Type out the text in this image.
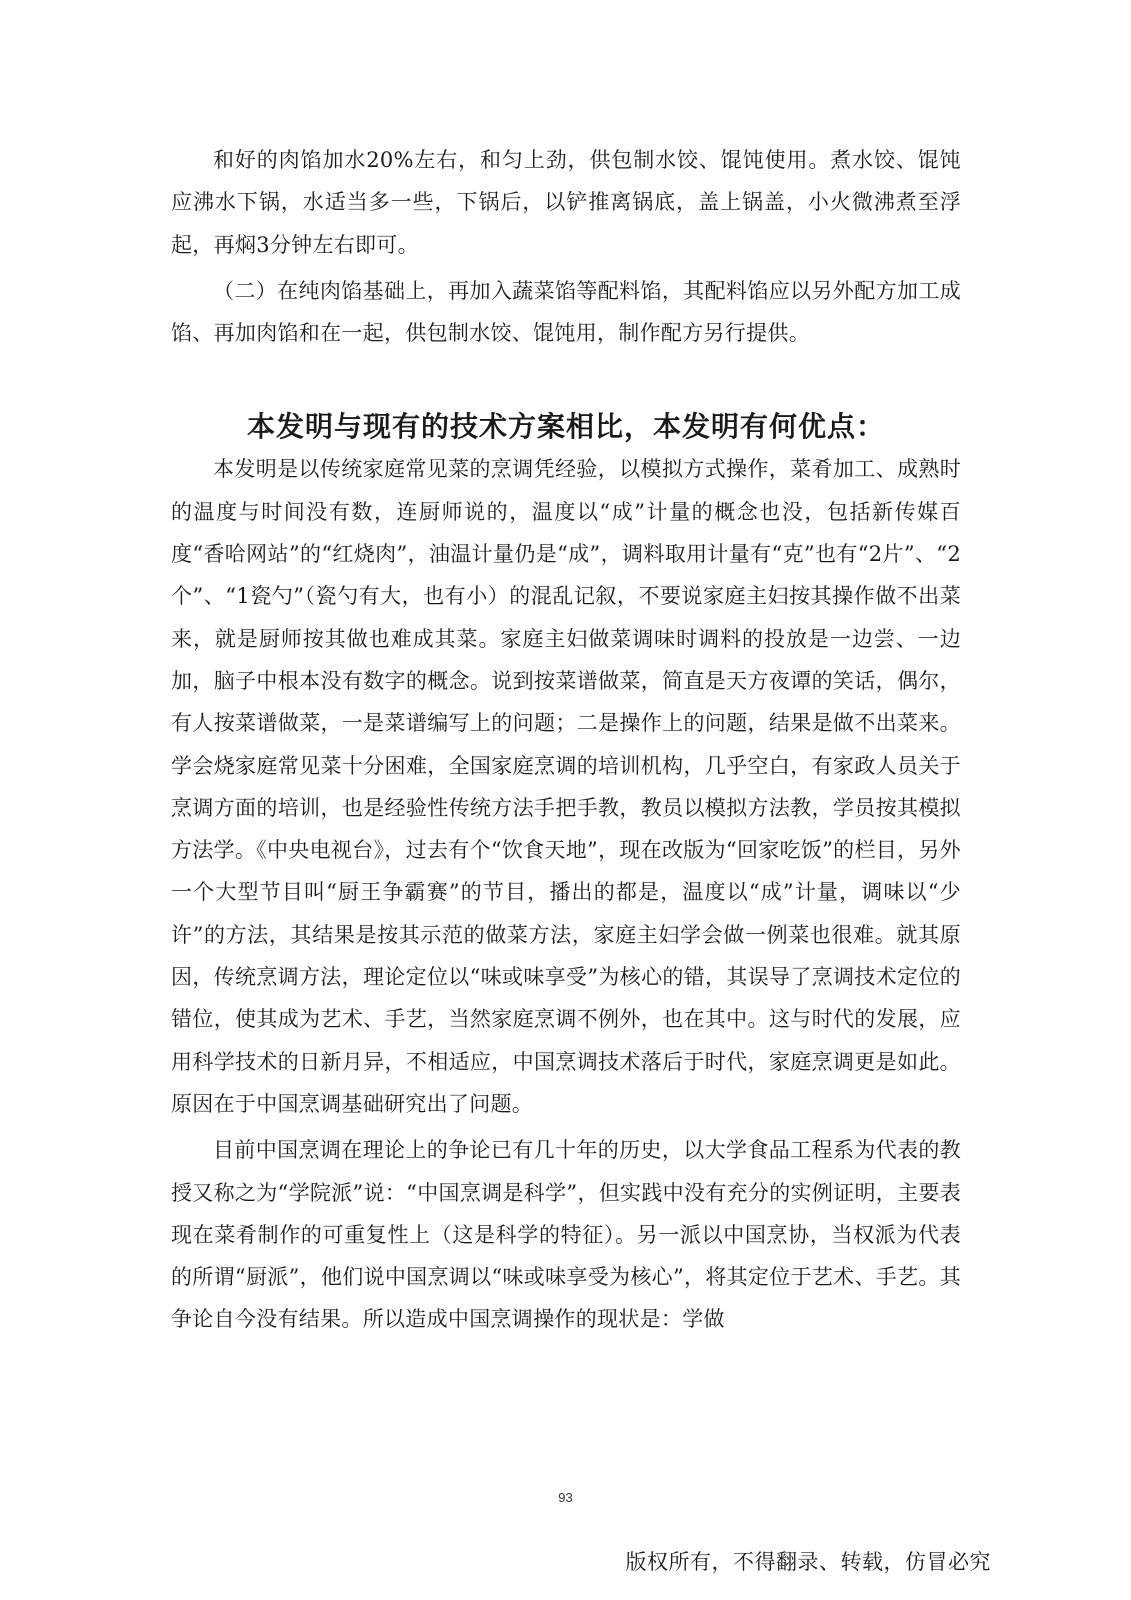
和好的肉馅加水20%左右，和匀上劲，供包制水饺、馄饨使用。煮水饺、馄饨应沸水下锅，水适当多一些，下锅后，以铲推离锅底，盖上锅盖，小火微沸煮至浮起，再焖3分钟左右即可。

（二）在纯肉馅基础上，再加入蔬菜馅等配料馅，其配料馅应以另外配方加工成馅、再加肉馅和在一起，供包制水饺、馄饨用，制作配方另行提供。

本发明与现有的技术方案相比，本发明有何优点：

本发明是以传统家庭常见菜的烹调凭经验，以模拟方式操作，菜肴加工、成熟时的温度与时间没有数，连厨师说的，温度以“成”计量的概念也没，包括新传媒百度“香哈网站”的“红烧肉”，油温计量仍是“成”，调料取用计量有“克”也有“2片”、“2个”、“1瓷勺”（瓷勺有大，也有小）的混乱记叙，不要说家庭主妇按其操作做不出菜来，就是厨师按其做也难成其菜。家庭主妇做菜调味时调料的投放是一边尝、一边加，脑子中根本没有数字的概念。说到按菜谱做菜，简直是天方夜谭的笑话，偶尔，有人按菜谱做菜，一是菜谱编写上的问题；二是操作上的问题，结果是做不出菜来。学会烧家庭常见菜十分困难，全国家庭烹调的培训机构，几乎空白，有家政人员关于烹调方面的培训，也是经验性传统方法手把手教，教员以模拟方法教，学员按其模拟方法学。《中央电视台》，过去有个“饮食天地”，现在改版为“回家吃饭”的栏目，另外一个大型节目叫“厨王争霸赛”的节目，播出的都是，温度以“成”计量，调味以“少许”的方法，其结果是按其示范的做菜方法，家庭主妇学会做一例菜也很难。就其原因，传统烹调方法，理论定位以“味或味享受”为核心的错，其误导了烹调技术定位的错位，使其成为艺术、手艺，当然家庭烹调不例外，也在其中。这与时代的发展，应用科学技术的日新月异，不相适应，中国烹调技术落后于时代，家庭烹调更是如此。原因在于中国烹调基础研究出了问题。

目前中国烹调在理论上的争论已有几十年的历史，以大学食品工程系为代表的教授又称之为“学院派”说：“中国烹调是科学”，但实践中没有充分的实例证明，主要表现在菜肴制作的可重复性上（这是科学的特征）。另一派以中国烹协，当权派为代表的所谓“厨派”，他们说中国烹调以“味或味享受为核心”，将其定位于艺术、手艺。其争论自今没有结果。所以造成中国烹调操作的现状是：学做

93
版权所有，不得翻录、转载，仿冒必究
